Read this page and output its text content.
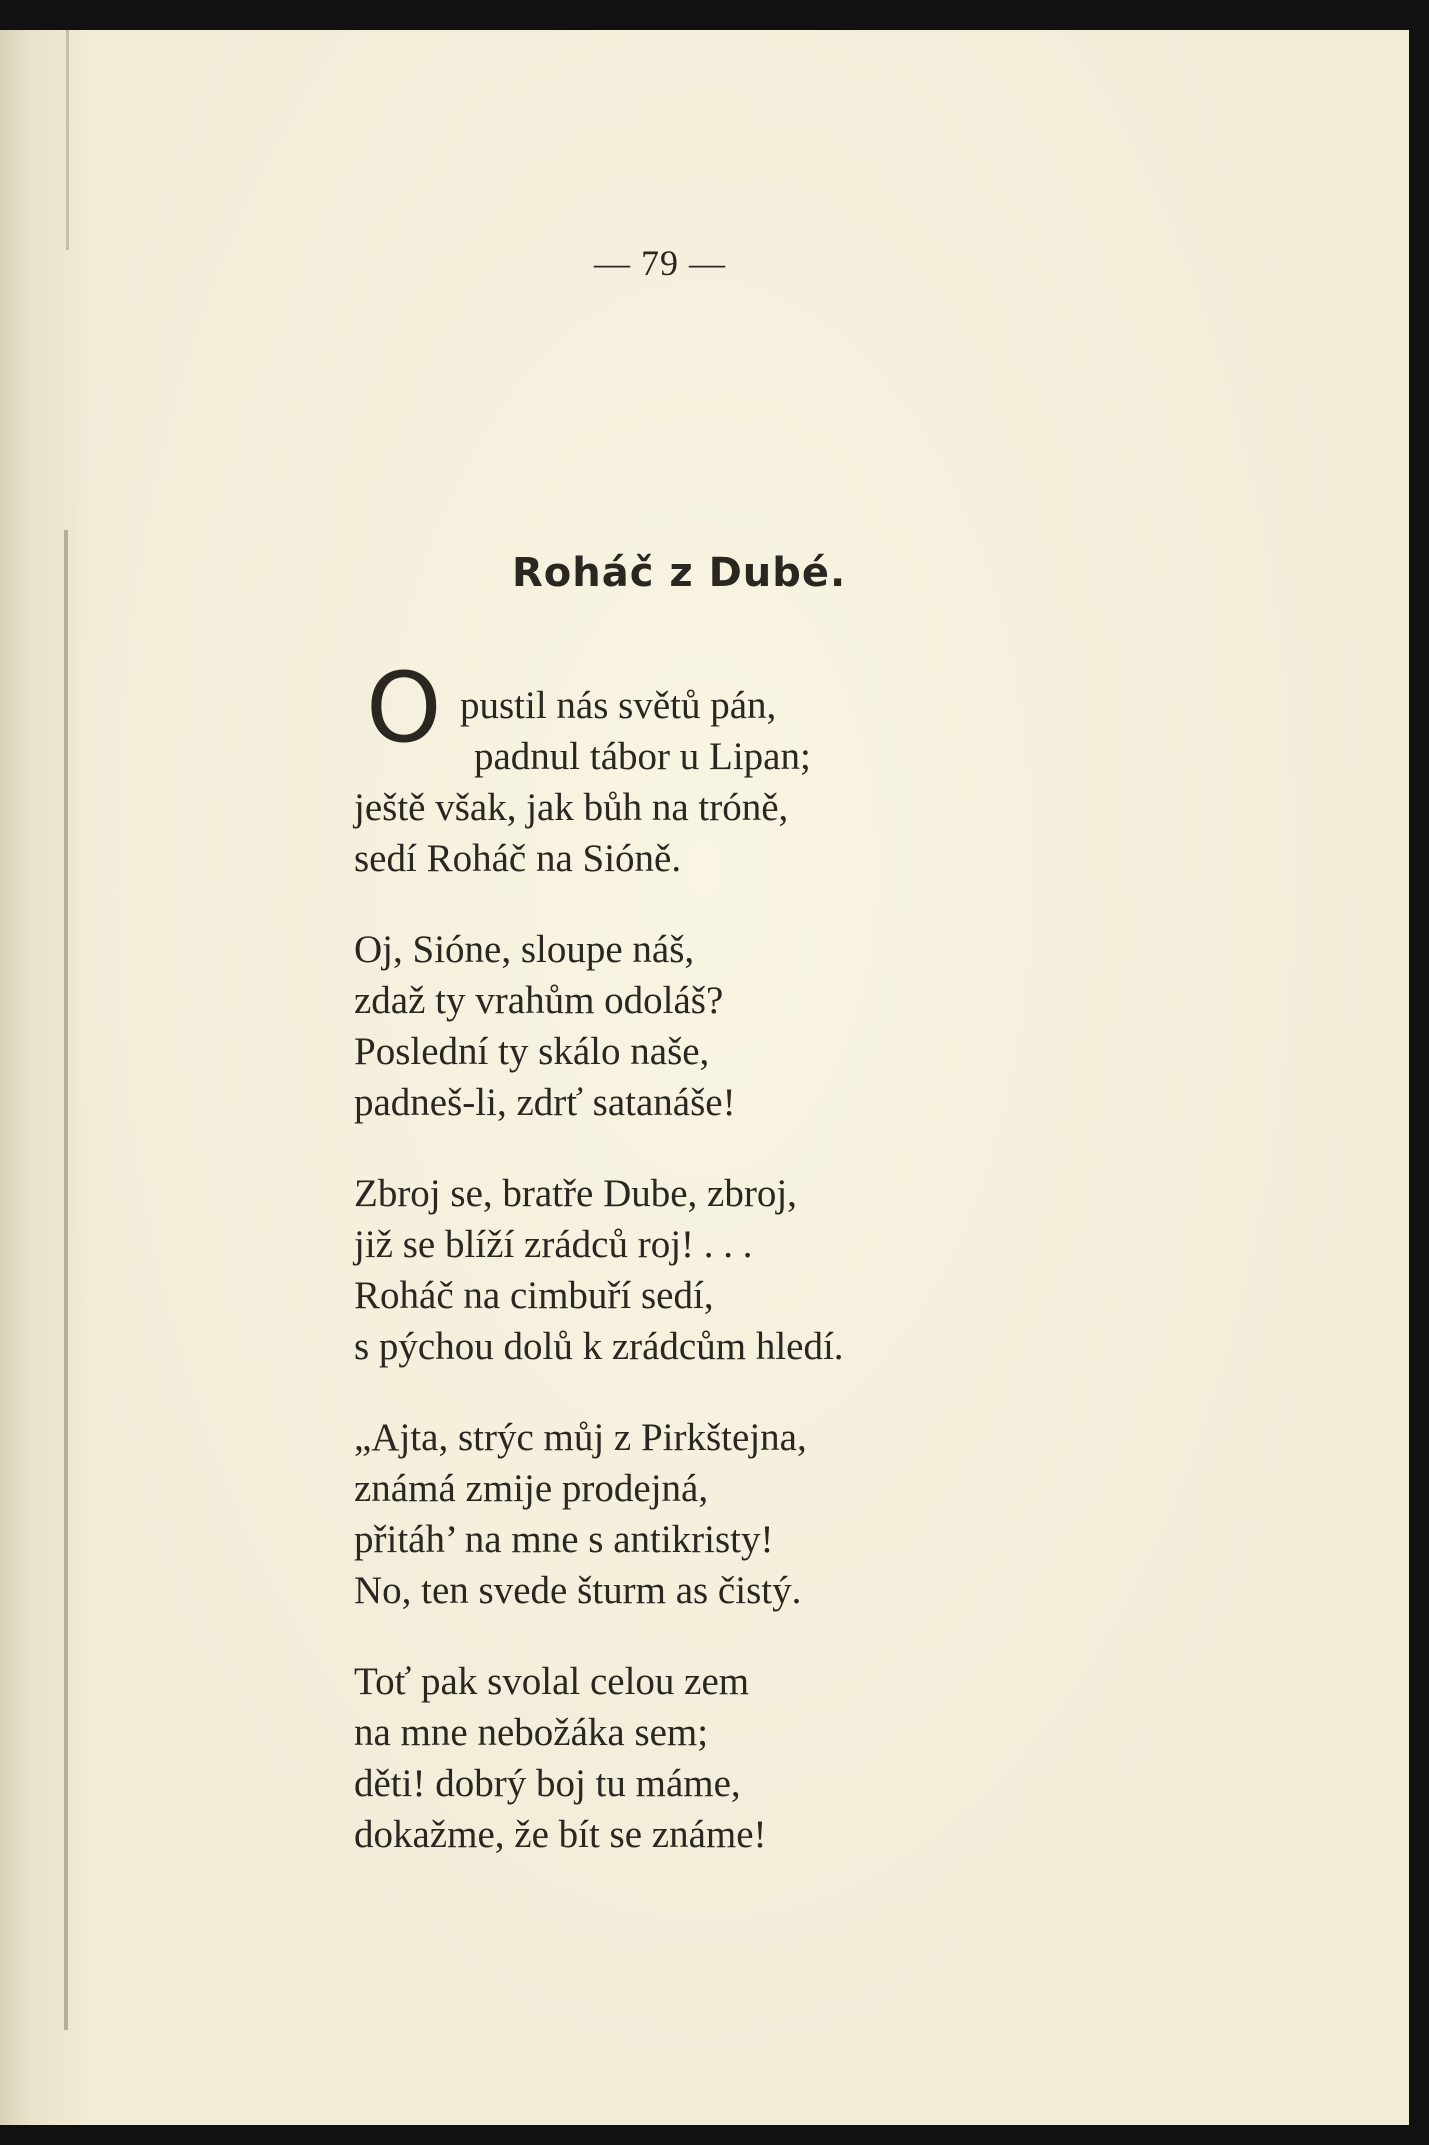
— 79 —
Roháč z Dubé.
O pustil nás světů pán,
padnul tábor u Lipan;
ještě však, jak bůh na tróně,
sedí Roháč na Sióně.
Oj, Sióne, sloupe náš,
zdaž ty vrahům odoláš?
Poslední ty skálo naše,
padneš-li, zdrť satanáše!
Zbroj se, bratře Dube, zbroj,
již se blíží zrádců roj! . . .
Roháč na cimbuří sedí,
s pýchou dolů k zrádcům hledí.
„Ajta, strýc můj z Pirkštejna,
známá zmije prodejná,
přitáh’ na mne s antikristy!
No, ten svede šturm as čistý.
Toť pak svolal celou zem
na mne nebožáka sem;
děti! dobrý boj tu máme,
dokažme, že bít se známe!
